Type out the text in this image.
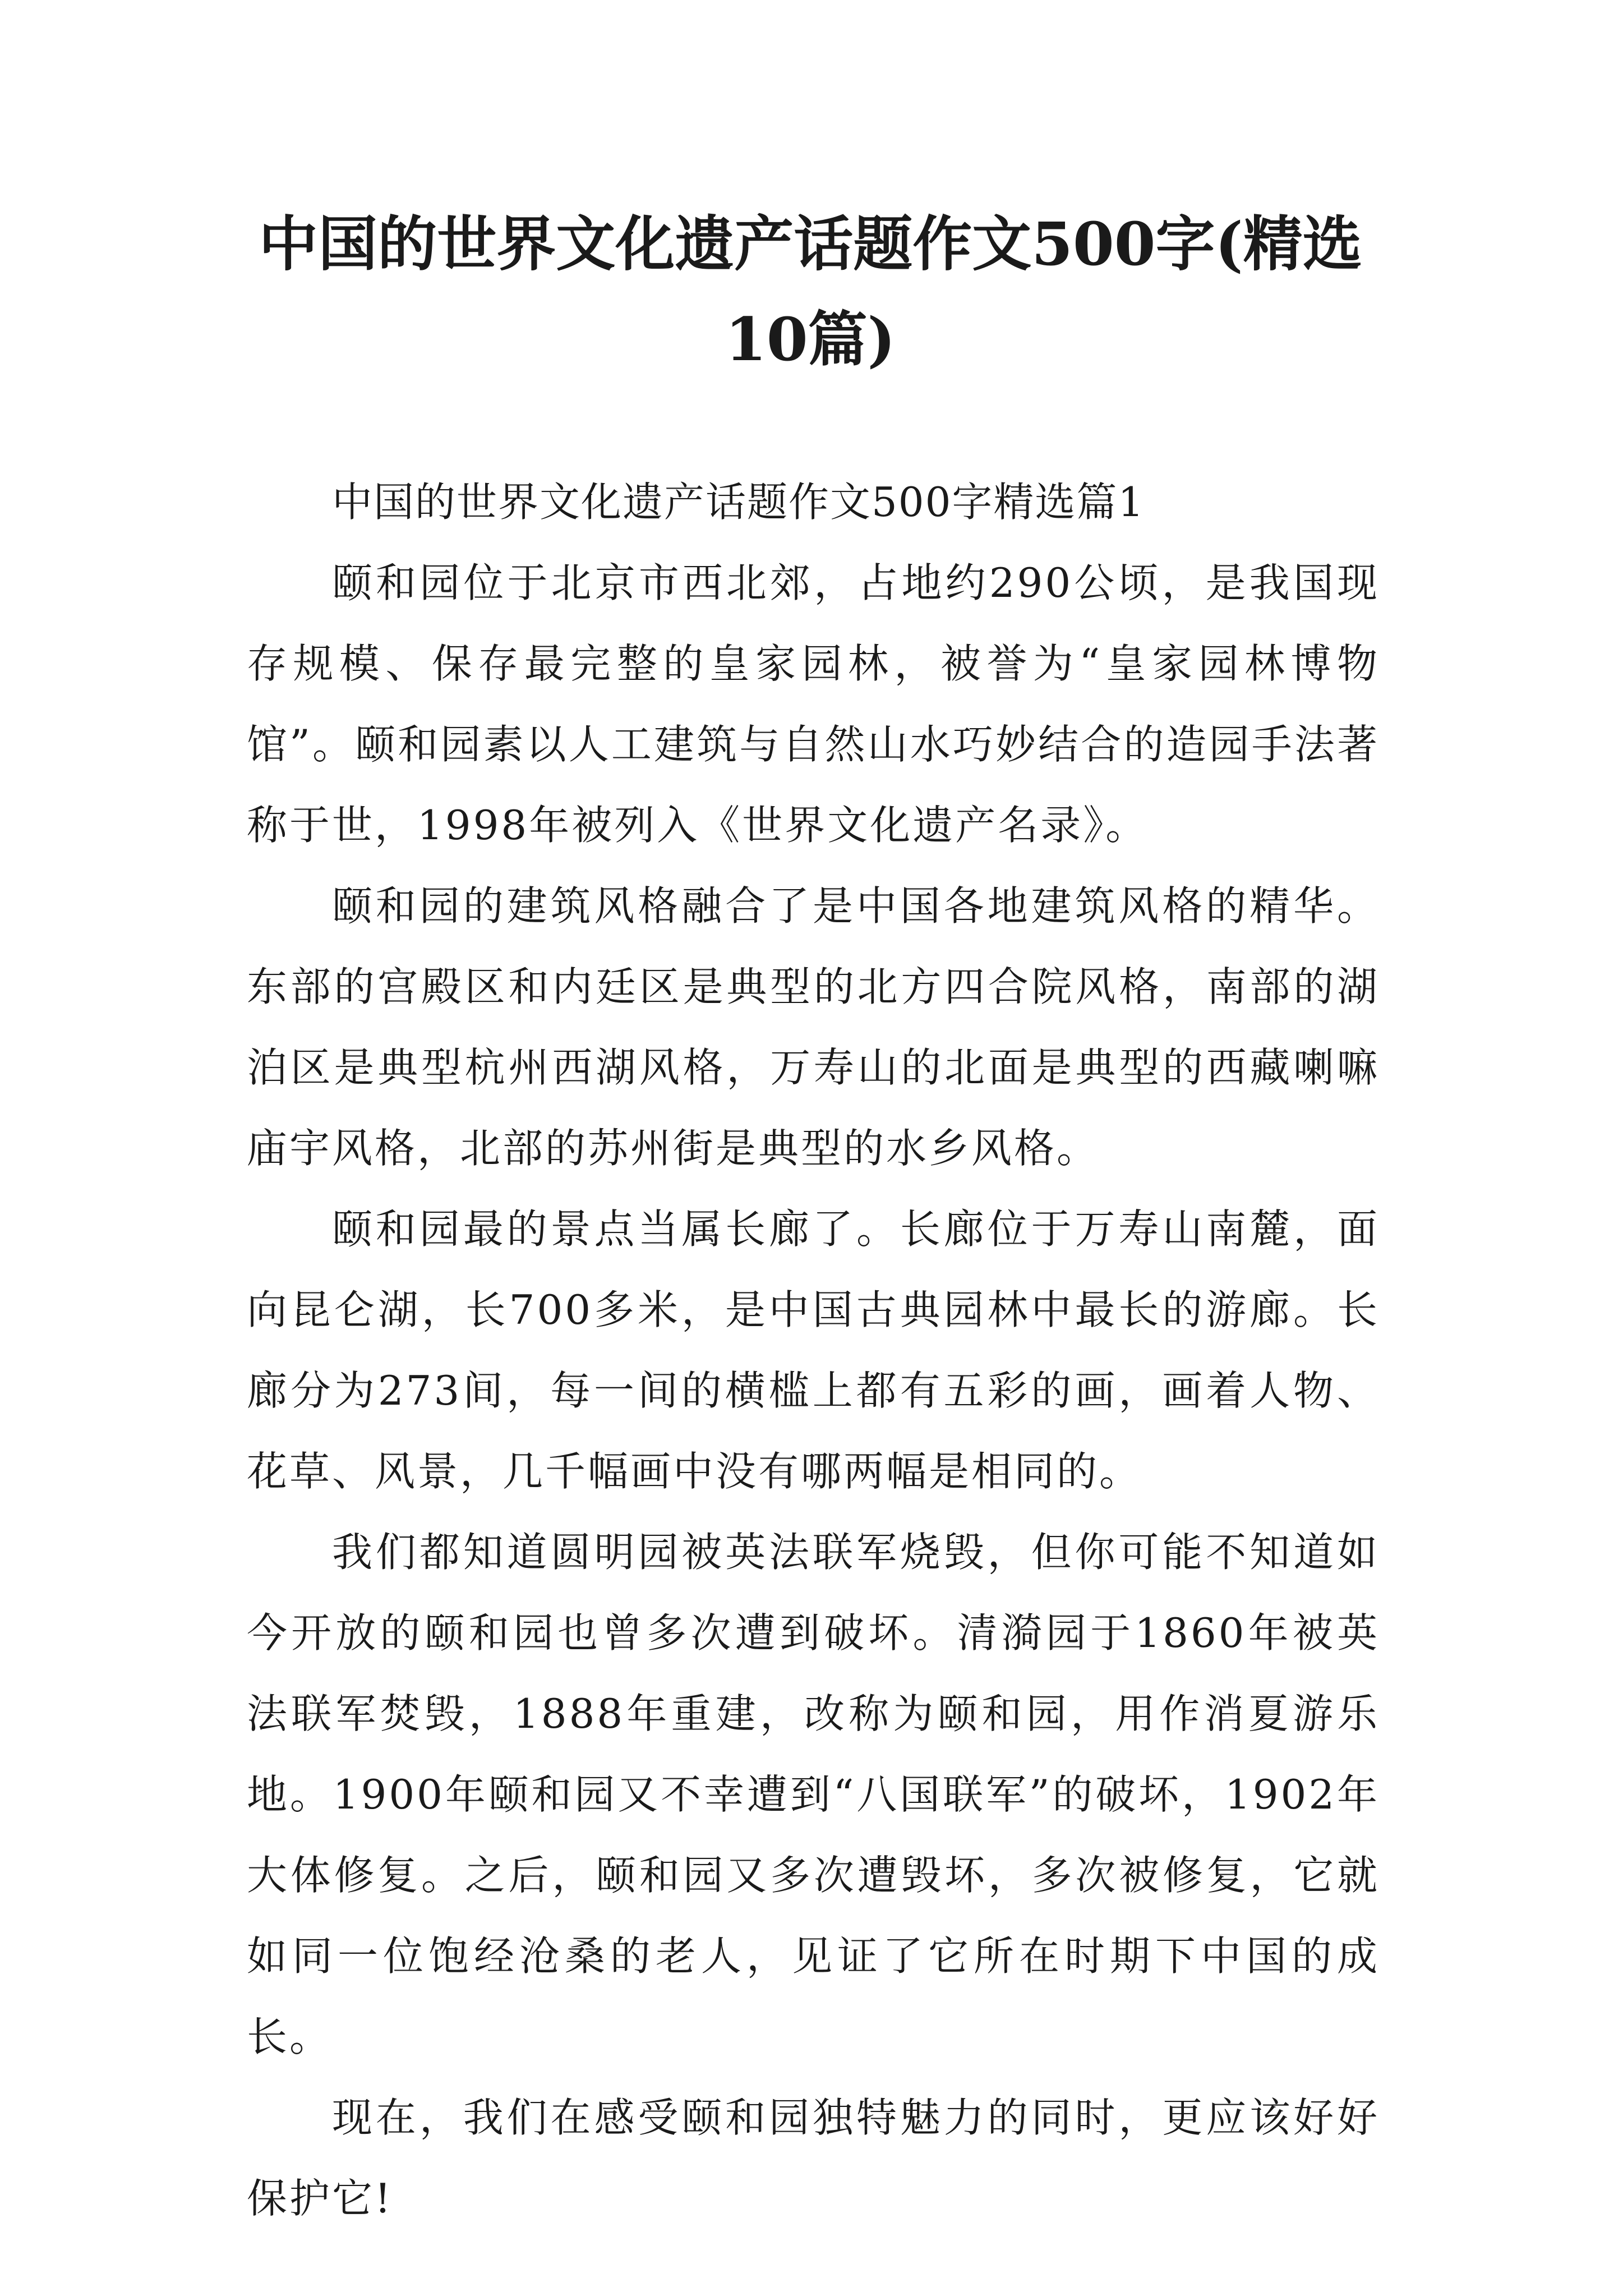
中国的世界文化遗产话题作文500字(精选
10篇)

中国的世界文化遗产话题作文500字精选篇1

颐和园位于北京市西北郊，占地约290公顷，是我国现存规模、保存最完整的皇家园林，被誉为“皇家园林博物馆”。颐和园素以人工建筑与自然山水巧妙结合的造园手法著称于世，1998年被列入《世界文化遗产名录》。

颐和园的建筑风格融合了是中国各地建筑风格的精华。东部的宫殿区和内廷区是典型的北方四合院风格，南部的湖泊区是典型杭州西湖风格，万寿山的北面是典型的西藏喇嘛庙宇风格，北部的苏州街是典型的水乡风格。

颐和园最的景点当属长廊了。长廊位于万寿山南麓，面向昆仑湖，长700多米，是中国古典园林中最长的游廊。长廊分为273间，每一间的横槛上都有五彩的画，画着人物、花草、风景，几千幅画中没有哪两幅是相同的。

我们都知道圆明园被英法联军烧毁，但你可能不知道如今开放的颐和园也曾多次遭到破坏。清漪园于1860年被英法联军焚毁，1888年重建，改称为颐和园，用作消夏游乐地。1900年颐和园又不幸遭到“八国联军”的破坏，1902年大体修复。之后，颐和园又多次遭毁坏，多次被修复，它就如同一位饱经沧桑的老人，见证了它所在时期下中国的成长。

现在，我们在感受颐和园独特魅力的同时，更应该好好保护它!
